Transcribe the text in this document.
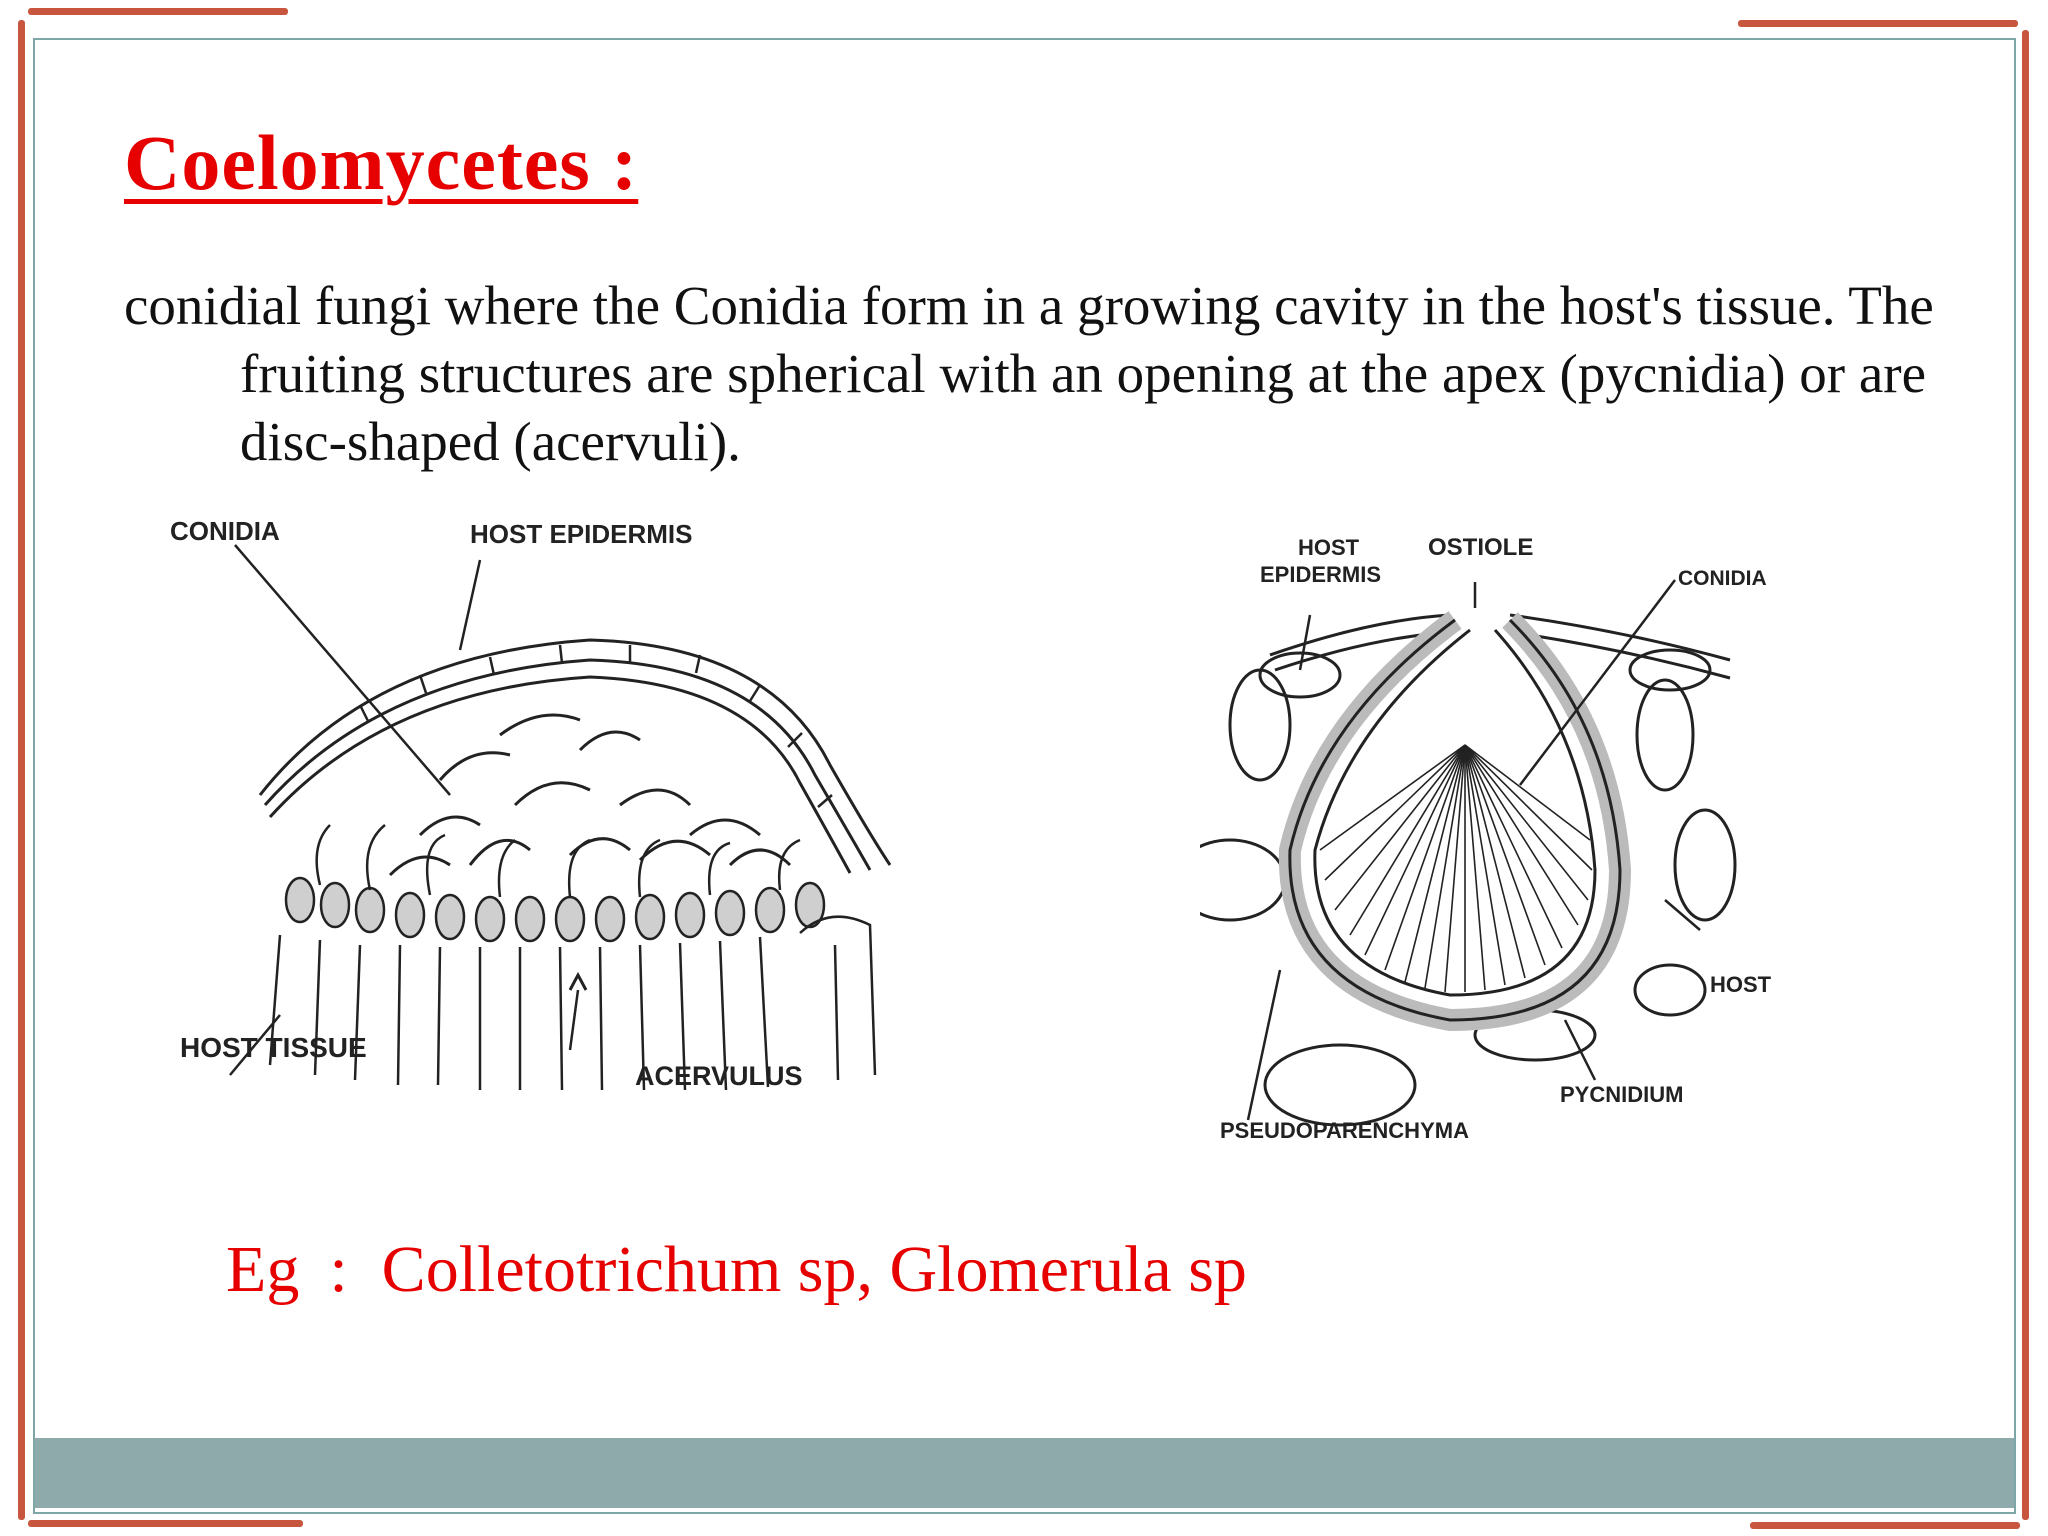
Coelomycetes :

conidial fungi where the Conidia form in a growing cavity in the host's tissue. The fruiting structures are spherical with an opening at the apex (pycnidia) or are disc-shaped (acervuli).

CONIDIA	HOST EPIDERMIS
HOST TISSUE
ACERVULUS
HOST
EPIDERMIS
OSTIOLE
CONIDIA
HOST
PYCNIDIUM
PSEUDOPARENCHYMA

Eg : Colletotrichum sp, Glomerula sp
